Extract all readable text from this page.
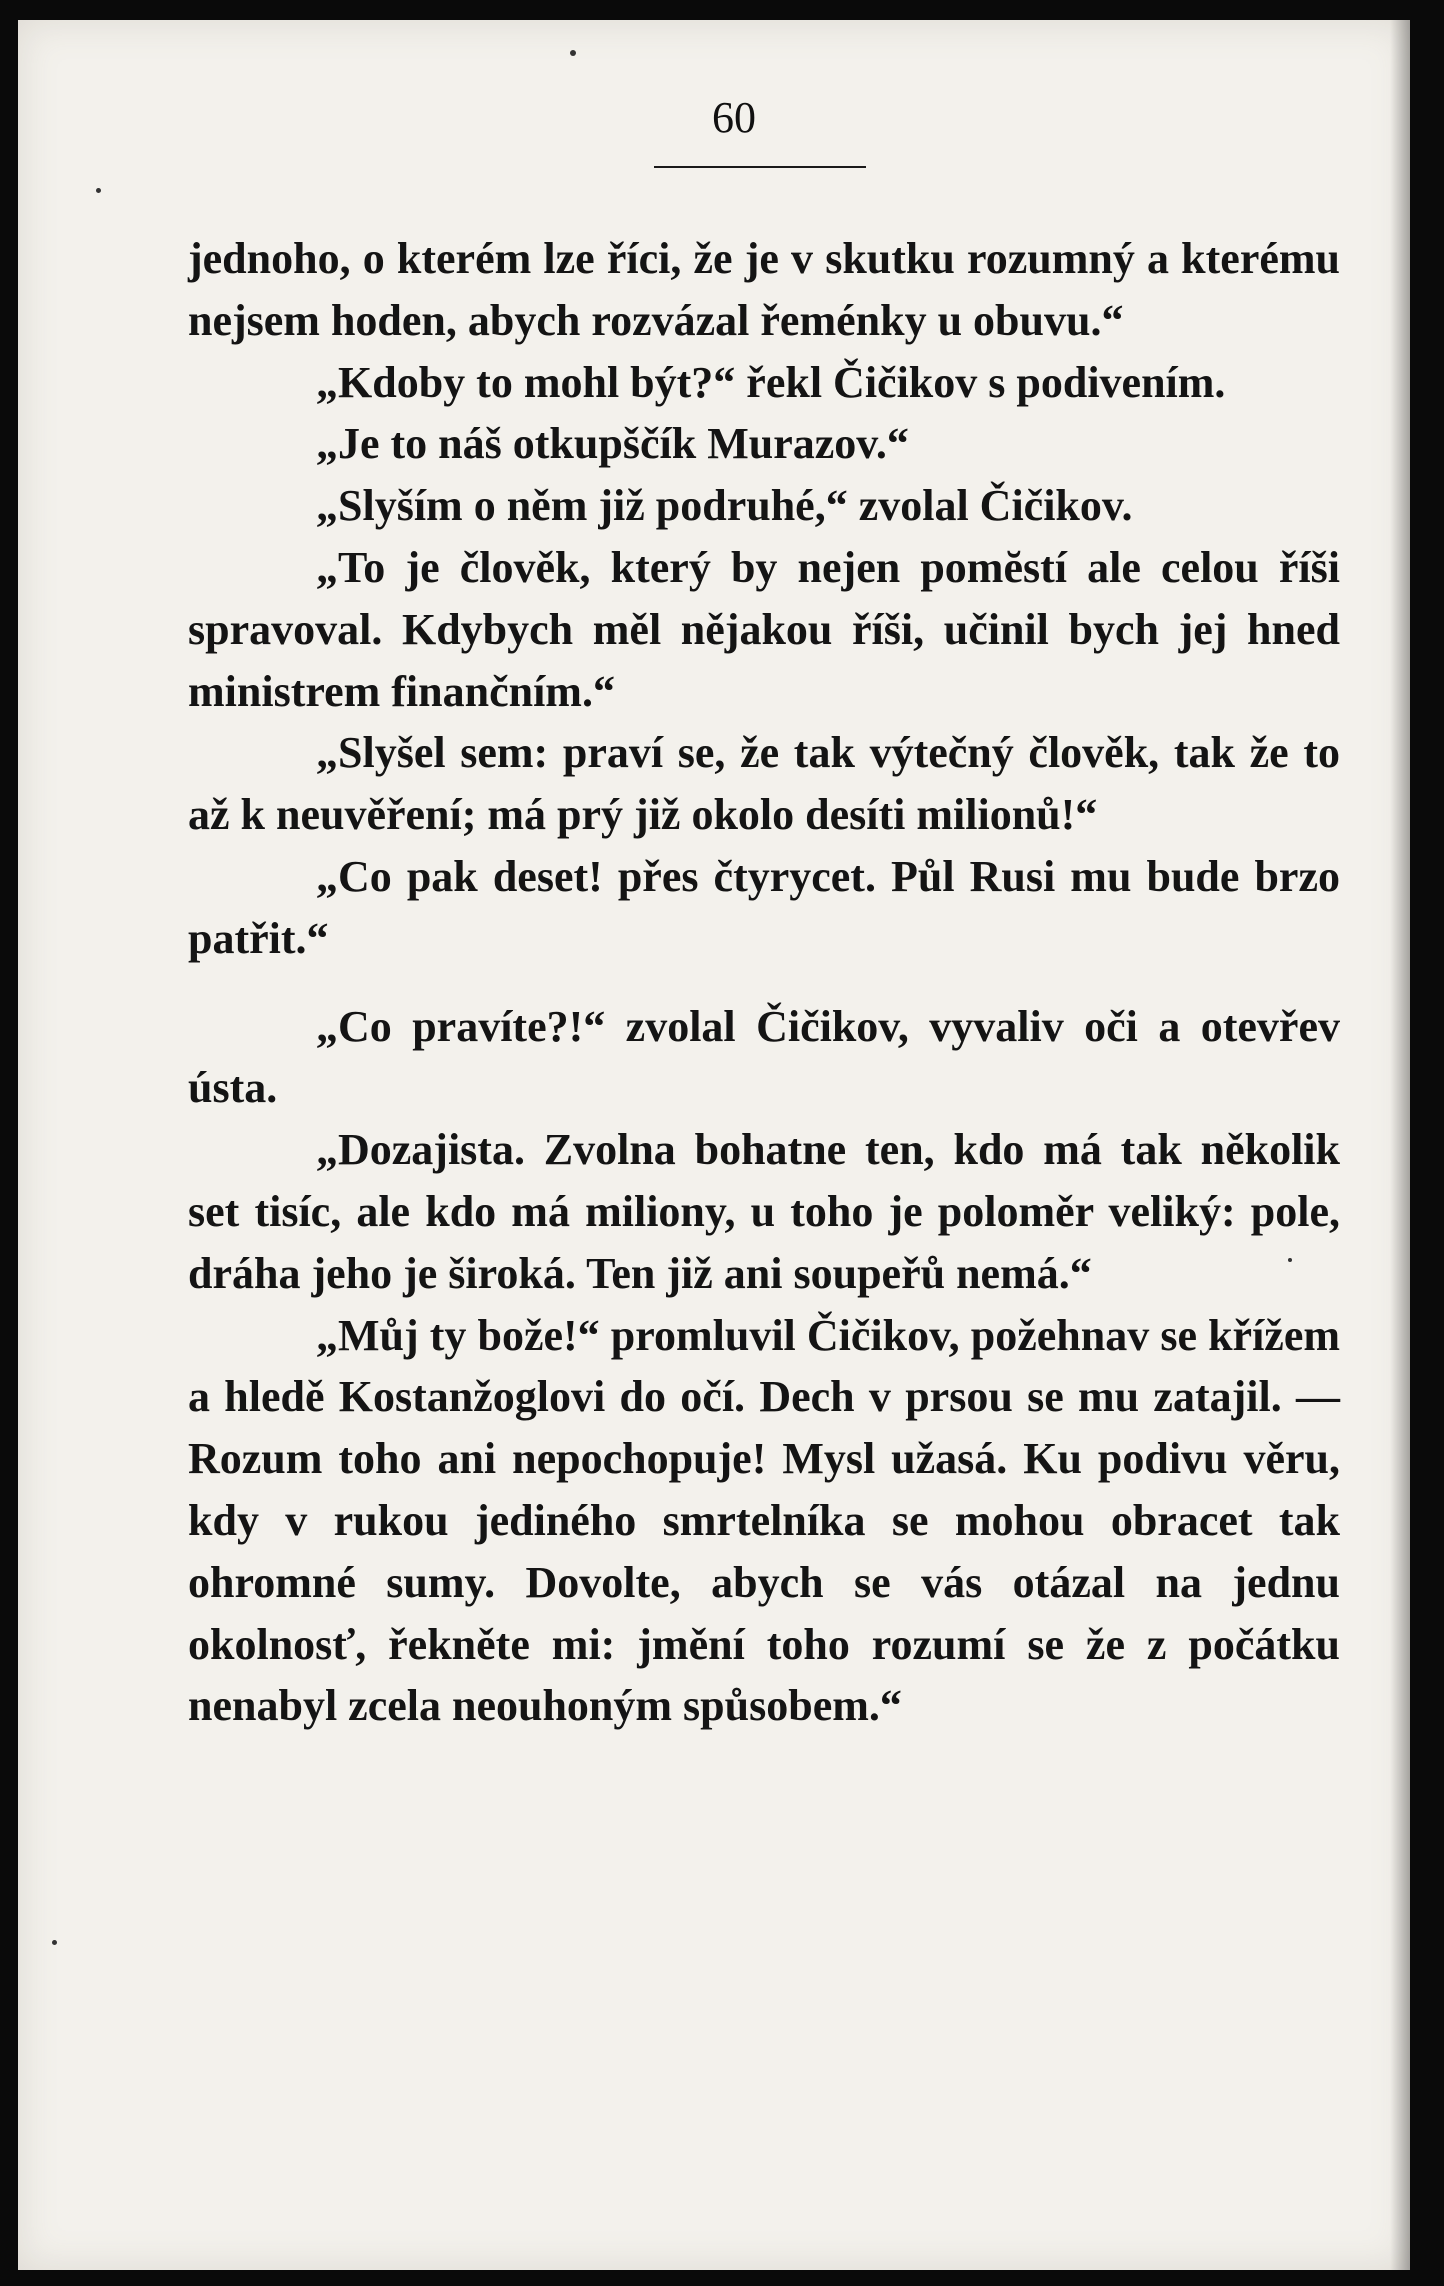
60

jednoho, o kterém lze říci, že je v skutku rozumný a kterému nejsem hoden, abych rozvázal řeménky u obuvu.“

„Kdoby to mohl být?“ řekl Čičikov s podivením.

„Je to náš otkupščík Murazov.“

„Slyším o něm již podruhé,“ zvolal Čičikov.

„To je člověk, který by nejen pomĕstí ale celou říši spravoval. Kdybych měl nějakou říši, učinil bych jej hned ministrem finančním.“

„Slyšel sem: praví se, že tak výtečný člověk, tak že to až k neuvěření; má prý již okolo desíti milionů!“

„Co pak deset! přes čtyrycet. Půl Rusi mu bude brzo patřit.“

„Co pravíte?!“ zvolal Čičikov, vyvaliv oči a otevřev ústa.

„Dozajista. Zvolna bohatne ten, kdo má tak několik set tisíc, ale kdo má miliony, u toho je poloměr veliký: pole, dráha jeho je široká. Ten již ani soupeřů nemá.“

„Můj ty bože!“ promluvil Čičikov, požehnav se křížem a hledě Kostanžoglovi do očí. Dech v prsou se mu zatajil. — Rozum toho ani nepochopuje! Mysl užasá. Ku podivu věru, kdy v rukou jediného smrtelníka se mohou obracet tak ohromné sumy. Dovolte, abych se vás otázal na jednu okolnosť, řekněte mi: jmění toho rozumí se že z počátku nenabyl zcela neouhoným spůsobem.“
